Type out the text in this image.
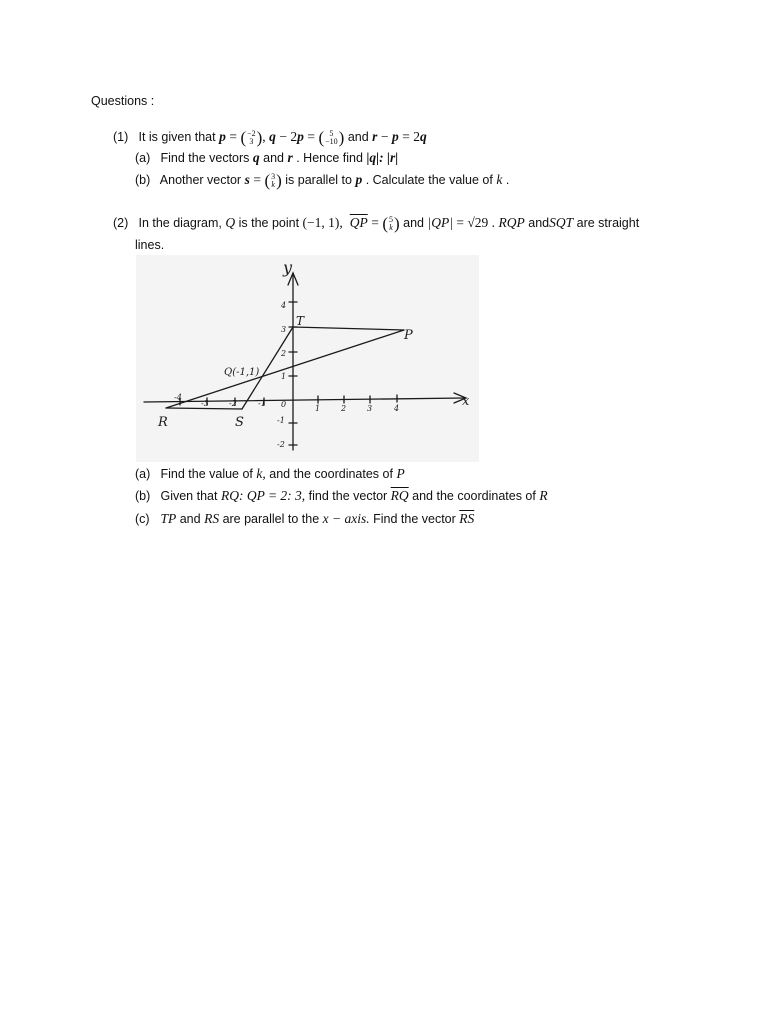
Questions :
(1) It is given that p = ( −2
3 ) , q − 2p = ( 5
−10 ) and r − p = 2q
(a) Find the vectors q and r . Hence find |q|: |r|
(b) Another vector s = ( 3
k ) is parallel to p . Calculate the value of k .
(2) In the diagram, Q is the point (−1, 1), $\overline{QP}$ = ( 5
k ) and |QP| = √29 . RQP andSQT are straight
lines.
y
x
T
P
Q(-1,1)
R	S
0
-4
-3	-2	-1
1	2	3	4
4
3
2
1
-1
-2
(a) Find the value of k, and the coordinates of P
(b) Given that RQ: QP = 2: 3, find the vector $\overline{RQ}$ and the coordinates of R
(c) TP and RS are parallel to the x − axis. Find the vector $\overline{RS}$
